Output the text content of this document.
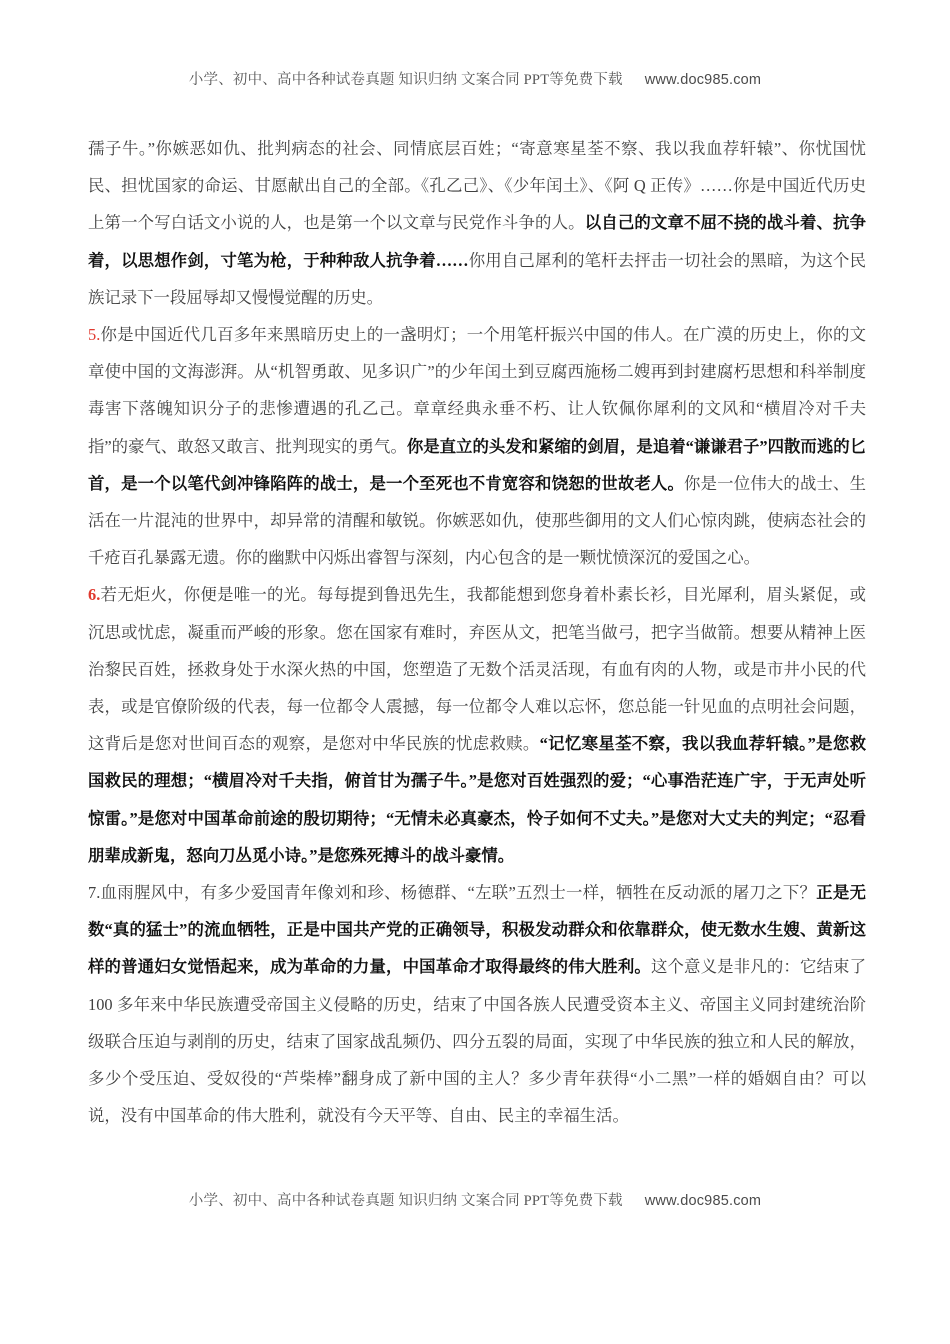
小学、初中、高中各种试卷真题 知识归纳 文案合同 PPT等免费下载 www.doc985.com

孺子牛。”你嫉恶如仇、批判病态的社会、同情底层百姓；“寄意寒星荃不察、我以我血荐轩辕”、你忧国忧民、担忧国家的命运、甘愿献出自己的全部。《孔乙己》、《少年闰土》、《阿 Q 正传》……你是中国近代历史上第一个写白话文小说的人，也是第一个以文章与民党作斗争的人。以自己的文章不屈不挠的战斗着、抗争着，以思想作剑，寸笔为枪，于种种敌人抗争着……你用自己犀利的笔杆去抨击一切社会的黑暗，为这个民族记录下一段屈辱却又慢慢觉醒的历史。

5.你是中国近代几百多年来黑暗历史上的一盏明灯；一个用笔杆振兴中国的伟人。在广漠的历史上，你的文章使中国的文海澎湃。从“机智勇敢、见多识广”的少年闰土到豆腐西施杨二嫂再到封建腐朽思想和科举制度毒害下落魄知识分子的悲惨遭遇的孔乙己。章章经典永垂不朽、让人钦佩你犀利的文风和“横眉冷对千夫指”的豪气、敢怒又敢言、批判现实的勇气。你是直立的头发和紧缩的剑眉，是追着“谦谦君子”四散而逃的匕首，是一个以笔代剑冲锋陷阵的战士，是一个至死也不肯宽容和饶恕的世故老人。你是一位伟大的战士、生活在一片混沌的世界中，却异常的清醒和敏锐。你嫉恶如仇，使那些御用的文人们心惊肉跳，使病态社会的千疮百孔暴露无遗。你的幽默中闪烁出睿智与深刻，内心包含的是一颗忧愤深沉的爱国之心。

6.若无炬火，你便是唯一的光。每每提到鲁迅先生，我都能想到您身着朴素长衫，目光犀利，眉头紧促，或沉思或忧虑，凝重而严峻的形象。您在国家有难时，弃医从文，把笔当做弓，把字当做箭。想要从精神上医治黎民百姓，拯救身处于水深火热的中国，您塑造了无数个活灵活现，有血有肉的人物，或是市井小民的代表，或是官僚阶级的代表，每一位都令人震撼，每一位都令人难以忘怀，您总能一针见血的点明社会问题，这背后是您对世间百态的观察，是您对中华民族的忧虑救赎。“记忆寒星荃不察，我以我血荐轩辕。”是您救国救民的理想；“横眉冷对千夫指，俯首甘为孺子牛。”是您对百姓强烈的爱；“心事浩茫连广宇，于无声处听惊雷。”是您对中国革命前途的殷切期待；“无情未必真豪杰，怜子如何不丈夫。”是您对大丈夫的判定；“忍看朋辈成新鬼，怒向刀丛觅小诗。”是您殊死搏斗的战斗豪情。

7.血雨腥风中，有多少爱国青年像刘和珍、杨德群、“左联”五烈士一样，牺牲在反动派的屠刀之下？正是无数“真的猛士”的流血牺牲，正是中国共产党的正确领导，积极发动群众和依靠群众，使无数水生嫂、黄新这样的普通妇女觉悟起来，成为革命的力量，中国革命才取得最终的伟大胜利。这个意义是非凡的：它结束了 100 多年来中华民族遭受帝国主义侵略的历史，结束了中国各族人民遭受资本主义、帝国主义同封建统治阶级联合压迫与剥削的历史，结束了国家战乱频仍、四分五裂的局面，实现了中华民族的独立和人民的解放，多少个受压迫、受奴役的“芦柴棒”翻身成了新中国的主人？多少青年获得“小二黑”一样的婚姻自由？可以说，没有中国革命的伟大胜利，就没有今天平等、自由、民主的幸福生活。

小学、初中、高中各种试卷真题 知识归纳 文案合同 PPT等免费下载 www.doc985.com
